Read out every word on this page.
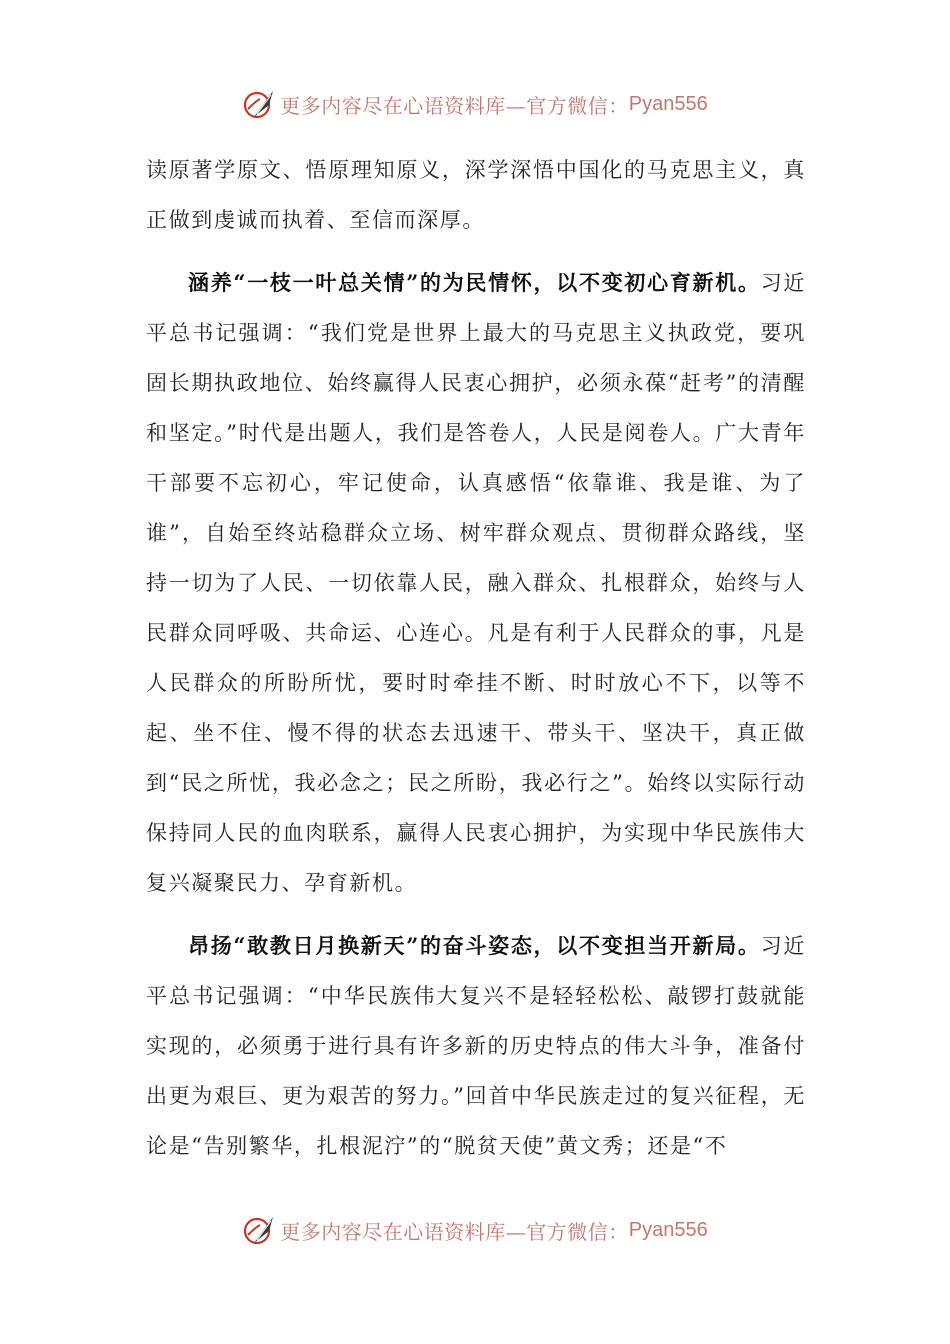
更多内容尽在心语资料库—官方微信： Pyan556

读原著学原文、悟原理知原义，深学深悟中国化的马克思主义，真正做到虔诚而执着、至信而深厚。

涵养“一枝一叶总关情”的为民情怀，以不变初心育新机。习近平总书记强调：“我们党是世界上最大的马克思主义执政党，要巩固长期执政地位、始终赢得人民衷心拥护，必须永葆“赶考”的清醒和坚定。”时代是出题人，我们是答卷人，人民是阅卷人。广大青年干部要不忘初心，牢记使命，认真感悟“依靠谁、我是谁、为了谁”，自始至终站稳群众立场、树牢群众观点、贯彻群众路线，坚持一切为了人民、一切依靠人民，融入群众、扎根群众，始终与人民群众同呼吸、共命运、心连心。凡是有利于人民群众的事，凡是人民群众的所盼所忧，要时时牵挂不断、时时放心不下，以等不起、坐不住、慢不得的状态去迅速干、带头干、坚决干，真正做到“民之所忧，我必念之；民之所盼，我必行之”。始终以实际行动保持同人民的血肉联系，赢得人民衷心拥护，为实现中华民族伟大复兴凝聚民力、孕育新机。

昂扬“敢教日月换新天”的奋斗姿态，以不变担当开新局。习近平总书记强调：“中华民族伟大复兴不是轻轻松松、敲锣打鼓就能实现的，必须勇于进行具有许多新的历史特点的伟大斗争，准备付出更为艰巨、更为艰苦的努力。”回首中华民族走过的复兴征程，无论是“告别繁华，扎根泥泞”的“脱贫天使”黄文秀；还是“不

更多内容尽在心语资料库—官方微信： Pyan556
